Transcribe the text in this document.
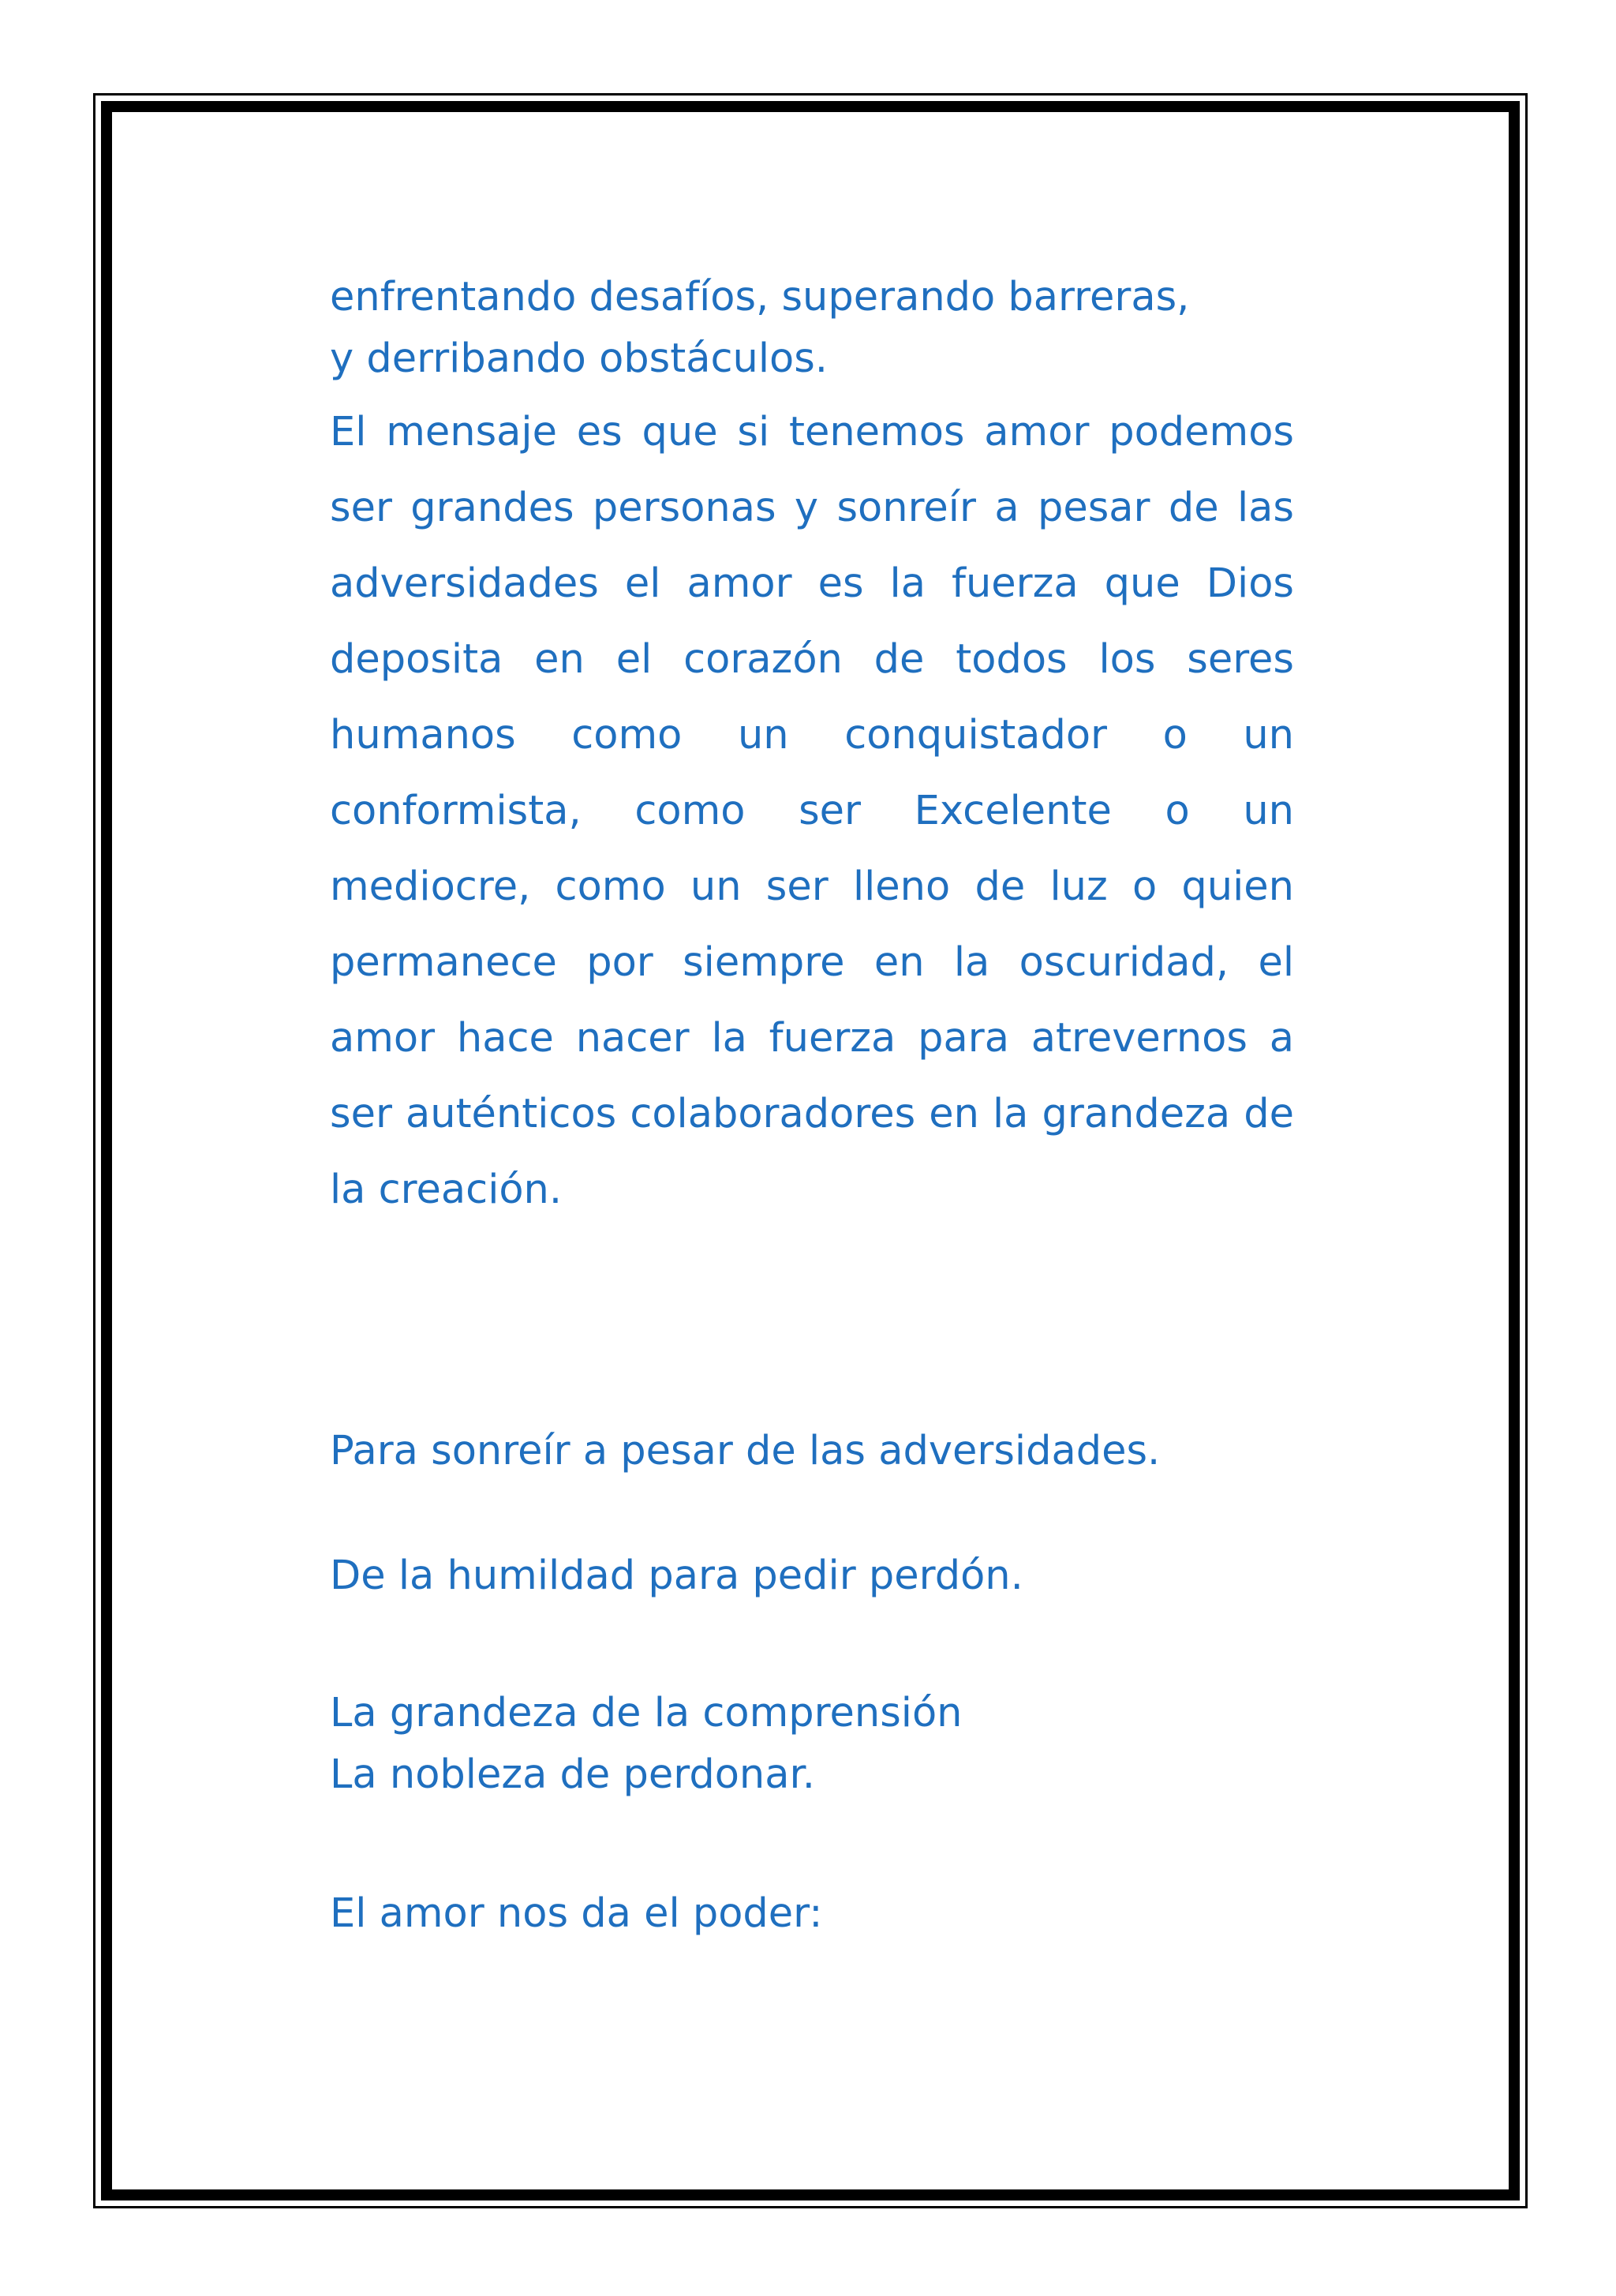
enfrentando desafíos, superando barreras,
y derribando obstáculos.

El mensaje es que si tenemos amor podemos ser grandes personas y sonreír a pesar de las adversidades el amor es la fuerza que Dios deposita en el corazón de todos los seres humanos como un conquistador o un conformista, como ser Excelente o un mediocre, como un ser lleno de luz o quien permanece por siempre en la oscuridad, el amor hace nacer la fuerza para atrevernos a ser auténticos colaboradores en la grandeza de la creación.

Para sonreír a pesar de las adversidades.

De la humildad para pedir perdón.

La grandeza de la comprensión
La nobleza de perdonar.

El amor nos da el poder:
